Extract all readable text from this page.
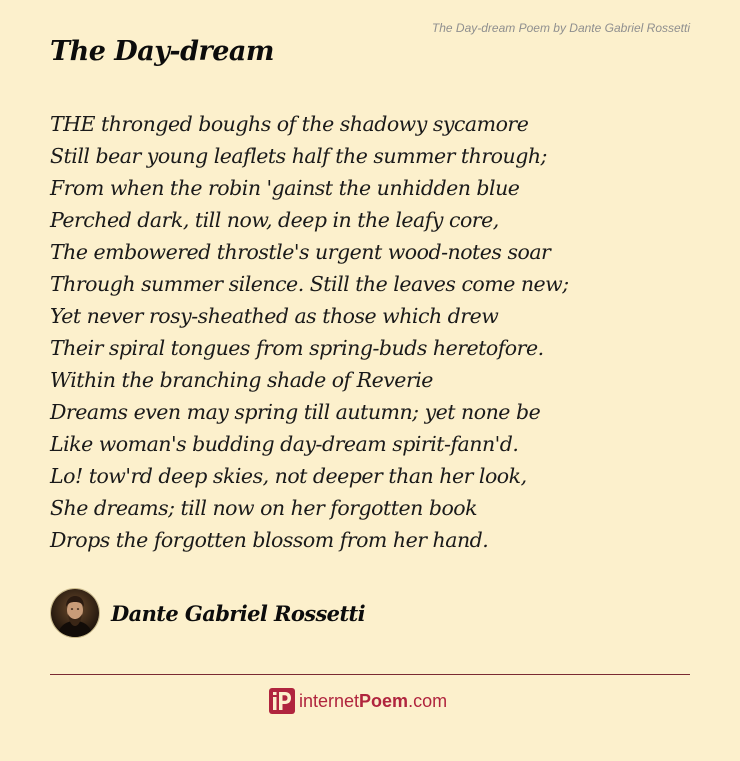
The Day-dream Poem by Dante Gabriel Rossetti
The Day-dream
THE thronged boughs of the shadowy sycamore
Still bear young leaflets half the summer through;
From when the robin 'gainst the unhidden blue
Perched dark, till now, deep in the leafy core,
The embowered throstle's urgent wood-notes soar
Through summer silence. Still the leaves come new;
Yet never rosy-sheathed as those which drew
Their spiral tongues from spring-buds heretofore.
Within the branching shade of Reverie
Dreams even may spring till autumn; yet none be
Like woman's budding day-dream spirit-fann'd.
Lo! tow'rd deep skies, not deeper than her look,
She dreams; till now on her forgotten book
Drops the forgotten blossom from her hand.
Dante Gabriel Rossetti
internetPoem.com
